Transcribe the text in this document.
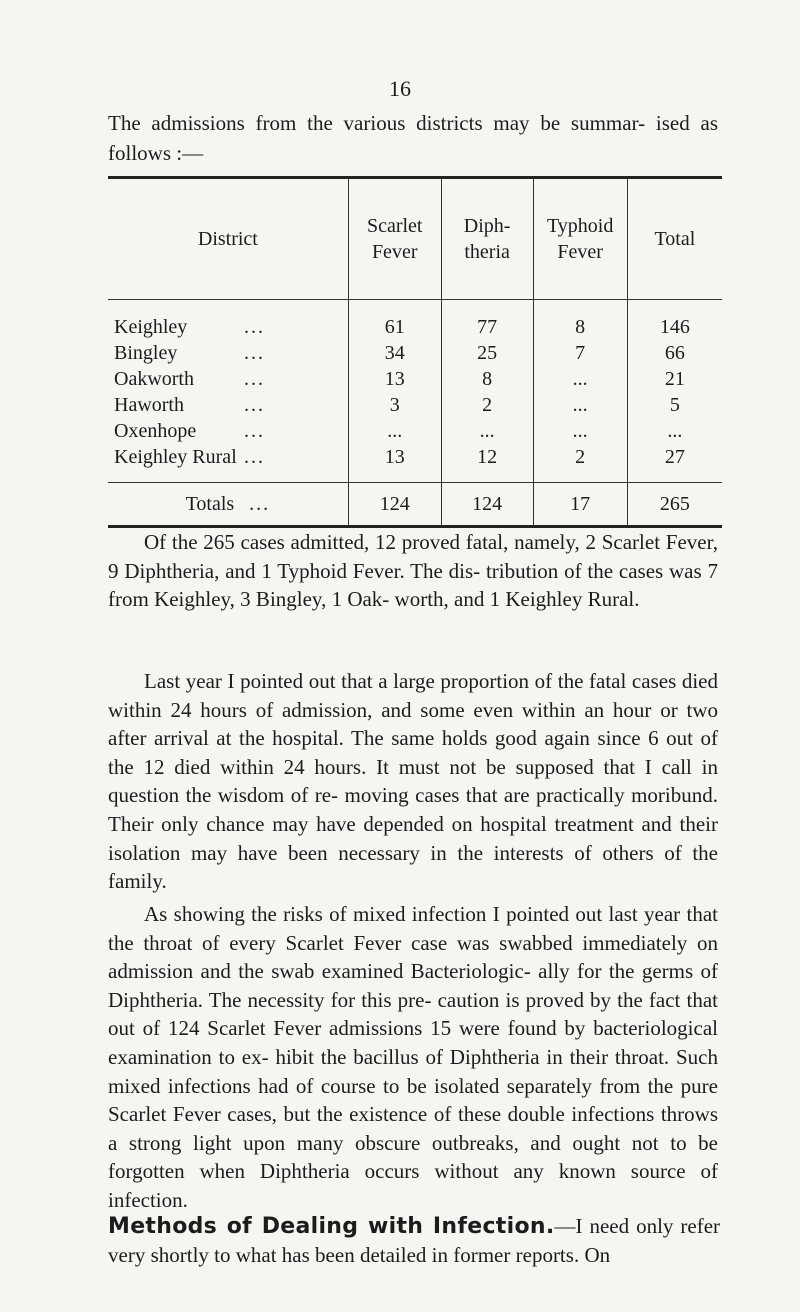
16

The admissions from the various districts may be summar- ised as follows :—

District	Scarlet Fever	Diph- theria	Typhoid Fever	Total
Keighley ...	61	77	8	146
Bingley ...	34	25	7	66
Oakworth ...	13	8	...	21
Haworth ...	3	2	...	5
Oxenhope ...	...	...	...	...
Keighley Rural ...	13	12	2	27
Totals ...	124	124	17	265

Of the 265 cases admitted, 12 proved fatal, namely, 2 Scarlet Fever, 9 Diphtheria, and 1 Typhoid Fever. The dis- tribution of the cases was 7 from Keighley, 3 Bingley, 1 Oak- worth, and 1 Keighley Rural.

Last year I pointed out that a large proportion of the fatal cases died within 24 hours of admission, and some even within an hour or two after arrival at the hospital. The same holds good again since 6 out of the 12 died within 24 hours. It must not be supposed that I call in question the wisdom of re- moving cases that are practically moribund. Their only chance may have depended on hospital treatment and their isolation may have been necessary in the interests of others of the family.

As showing the risks of mixed infection I pointed out last year that the throat of every Scarlet Fever case was swabbed immediately on admission and the swab examined Bacteriologic- ally for the germs of Diphtheria. The necessity for this pre- caution is proved by the fact that out of 124 Scarlet Fever admissions 15 were found by bacteriological examination to ex- hibit the bacillus of Diphtheria in their throat. Such mixed infections had of course to be isolated separately from the pure Scarlet Fever cases, but the existence of these double infections throws a strong light upon many obscure outbreaks, and ought not to be forgotten when Diphtheria occurs without any known source of infection.

Methods of Dealing with Infection.—I need only refer very shortly to what has been detailed in former reports. On
